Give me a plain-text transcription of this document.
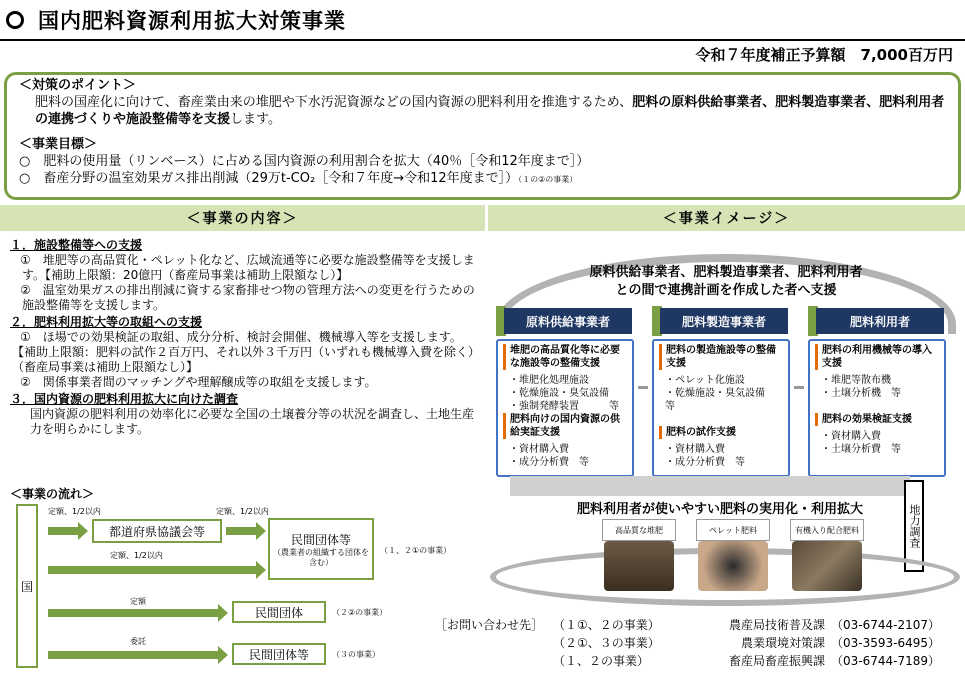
国内肥料資源利用拡大対策事業
令和７年度補正予算額　7,000百万円

＜対策のポイント＞

肥料の国産化に向けて、畜産業由来の堆肥や下水汚泥資源などの国内資源の肥料利用を推進するため、肥料の原料供給事業者、肥料製造事業者、肥料利用者の連携づくりや施設整備等を支援します。

＜事業目標＞

○　肥料の使用量（リンベース）に占める国内資源の利用割合を拡大（40％［令和12年度まで］）

○　畜産分野の温室効果ガス排出削減（29万t-CO₂［令和７年度→令和12年度まで］）（１の②の事業）

＜事業の内容＞	＜事業イメージ＞
１．施設整備等への支援
①　堆肥等の高品質化・ペレット化など、広域流通等に必要な施設整備等を支援します。【補助上限額：20億円（畜産局事業は補助上限額なし）】
②　温室効果ガスの排出削減に資する家畜排せつ物の管理方法への変更を行うための施設整備等を支援します。
２．肥料利用拡大等の取組への支援
①　ほ場での効果検証の取組、成分分析、検討会開催、機械導入等を支援します。
【補助上限額：肥料の試作２百万円、それ以外３千万円（いずれも機械導入費を除く）（畜産局事業は補助上限額なし）】
②　関係事業者間のマッチングや理解醸成等の取組を支援します。
３．国内資源の肥料利用拡大に向けた調査
国内資源の肥料利用の効率化に必要な全国の土壌養分等の状況を調査し、土地生産力を明らかにします。
＜事業の流れ＞
国
定額、1/2以内
都道府県協議会等
定額、1/2以内
定額、1/2以内
民間団体等
（農業者の組織する団体を含む）
（１、２①の事業）
定額
民間団体	（２②の事業）
委託
民間団体等	（３の事業）
原料供給事業者、肥料製造事業者、肥料利用者
との間で連携計画を作成した者へ支援
原料供給事業者	肥料製造事業者	肥料利用者
堆肥の高品質化等に必要な施設等の整備支援
・堆肥化処理施設
・乾燥施設・臭気設備
・強制発酵装置　　　等
肥料向けの国内資源の供給実証支援
・資材購入費
・成分分析費　等
肥料の製造施設等の整備支援
・ペレット化施設
・乾燥施設・臭気設備　等
肥料の試作支援
・資材購入費
・成分分析費　等
肥料の利用機械等の導入支援
・堆肥等散布機
・土壌分析機　等
肥料の効果検証支援
・資材購入費
・土壌分析費　等
肥料利用者が使いやすい肥料の実用化・利用拡大	地力調査
高品質な堆肥	ペレット肥料	有機入り配合肥料
［お問い合わせ先］ （１①、２の事業）	農産局技術普及課 （03-6744-2107）
（２①、３の事業）	農業環境対策課 （03-3593-6495）
（１、２の事業）	畜産局畜産振興課 （03-6744-7189）
